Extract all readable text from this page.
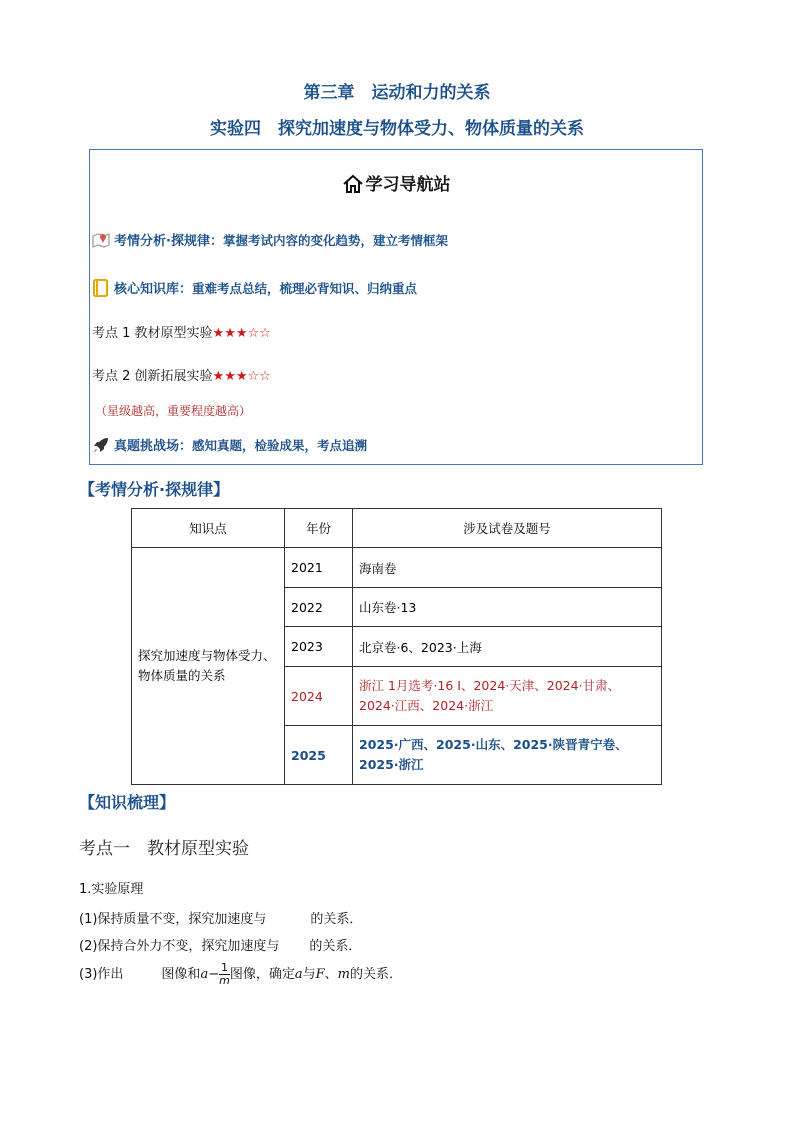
第三章　运动和力的关系
实验四　探究加速度与物体受力、物体质量的关系
学习导航站
考情分析·探规律：掌握考试内容的变化趋势，建立考情框架
核心知识库：重难考点总结，梳理必背知识、归纳重点
考点 1 教材原型实验★★★☆☆
考点 2 创新拓展实验★★★☆☆
（星级越高，重要程度越高）
真题挑战场：感知真题，检验成果，考点追溯
【考情分析·探规律】
知识点	年份	涉及试卷及题号
探究加速度与物体受力、物体质量的关系	2021	海南卷
	2022	山东卷·13
	2023	北京卷·6、2023·上海
	2024	浙江 1月选考·16 I、2024·天津、2024·甘肃、2024·江西、2024·浙江
	2025	2025·广西、2025·山东、2025·陕晋青宁卷、2025·浙江
【知识梳理】
考点一　教材原型实验
1.实验原理
(1)保持质量不变，探究加速度与	的关系．
(2)保持合外力不变，探究加速度与 的关系．
(3)作出	图像和$a- \frac{1}{m}$ 图像，确定a与F、m的关系．
